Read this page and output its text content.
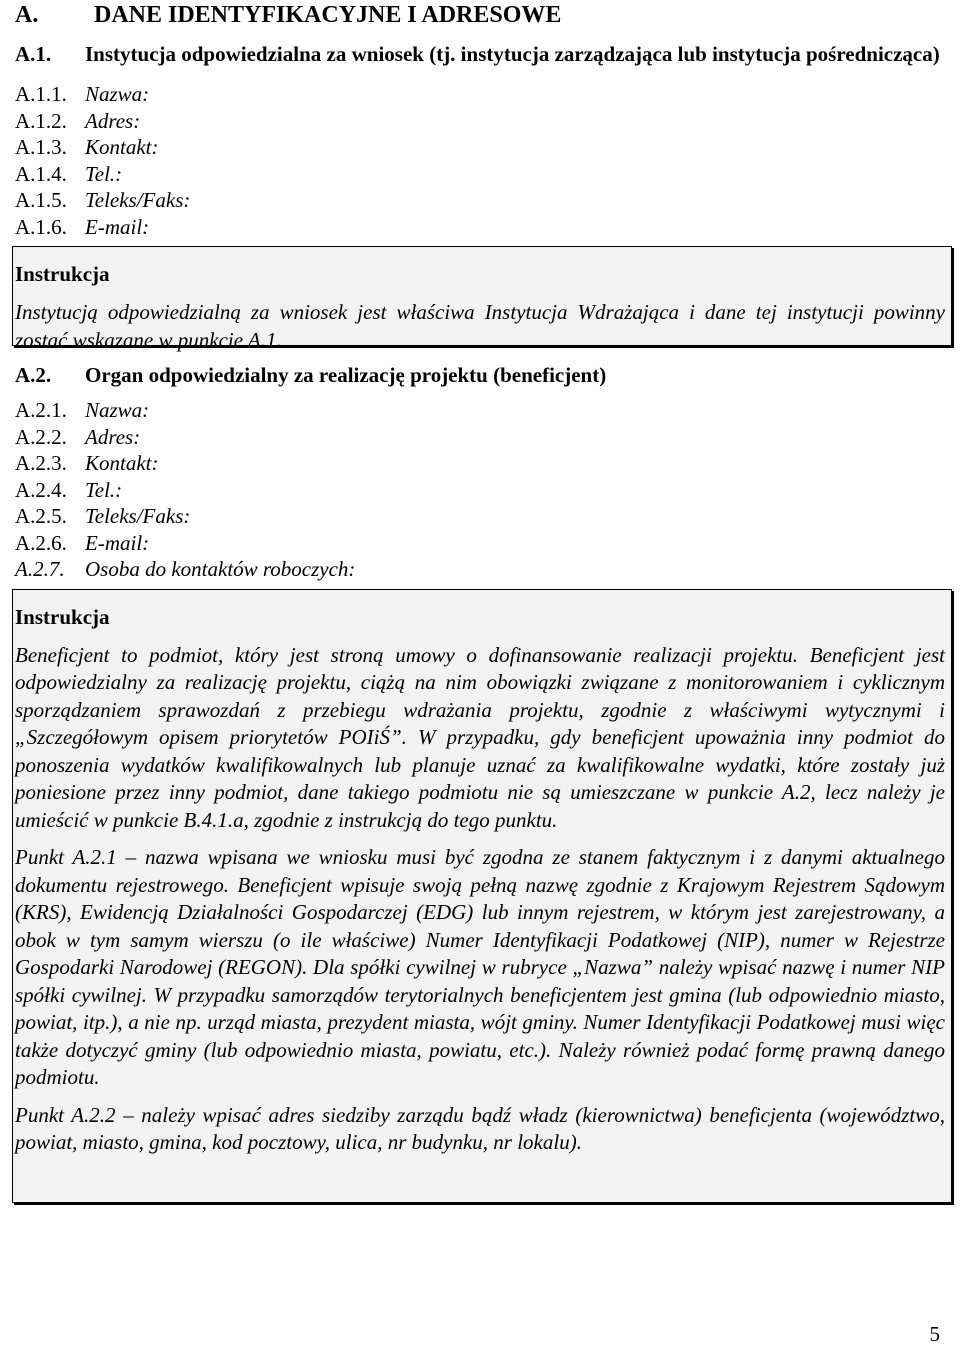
A.	DANE IDENTYFIKACYJNE I ADRESOWE
A.1.	Instytucja odpowiedzialna za wniosek (tj. instytucja zarządzająca lub instytucja pośrednicząca)
A.1.1. Nazwa:
A.1.2. Adres:
A.1.3. Kontakt:
A.1.4. Tel.:
A.1.5. Teleks/Faks:
A.1.6. E-mail:
Instrukcja

Instytucją odpowiedzialną za wniosek jest właściwa Instytucja Wdrażająca i dane tej instytucji powinny zostać wskazane w punkcie A.1.

A.2.	Organ odpowiedzialny za realizację projektu (beneficjent)
A.2.1. Nazwa:
A.2.2. Adres:
A.2.3. Kontakt:
A.2.4. Tel.:
A.2.5. Teleks/Faks:
A.2.6. E-mail:
A.2.7. Osoba do kontaktów roboczych:
Instrukcja

Beneficjent to podmiot, który jest stroną umowy o dofinansowanie realizacji projektu. Beneficjent jest odpowiedzialny za realizację projektu, ciążą na nim obowiązki związane z monitorowaniem i cyklicznym sporządzaniem sprawozdań z przebiegu wdrażania projektu, zgodnie z właściwymi wytycznymi i „Szczegółowym opisem priorytetów POIiŚ”. W przypadku, gdy beneficjent upoważnia inny podmiot do ponoszenia wydatków kwalifikowalnych lub planuje uznać za kwalifikowalne wydatki, które zostały już poniesione przez inny podmiot, dane takiego podmiotu nie są umieszczane w punkcie A.2, lecz należy je umieścić w punkcie B.4.1.a, zgodnie z instrukcją do tego punktu.

Punkt A.2.1 – nazwa wpisana we wniosku musi być zgodna ze stanem faktycznym i z danymi aktualnego dokumentu rejestrowego. Beneficjent wpisuje swoją pełną nazwę zgodnie z Krajowym Rejestrem Sądowym (KRS), Ewidencją Działalności Gospodarczej (EDG) lub innym rejestrem, w którym jest zarejestrowany, a obok w tym samym wierszu (o ile właściwe) Numer Identyfikacji Podatkowej (NIP), numer w Rejestrze Gospodarki Narodowej (REGON). Dla spółki cywilnej w rubryce „Nazwa” należy wpisać nazwę i numer NIP spółki cywilnej. W przypadku samorządów terytorialnych beneficjentem jest gmina (lub odpowiednio miasto, powiat, itp.), a nie np. urząd miasta, prezydent miasta, wójt gminy. Numer Identyfikacji Podatkowej musi więc także dotyczyć gminy (lub odpowiednio miasta, powiatu, etc.). Należy również podać formę prawną danego podmiotu.

Punkt A.2.2 – należy wpisać adres siedziby zarządu bądź władz (kierownictwa) beneficjenta (województwo, powiat, miasto, gmina, kod pocztowy, ulica, nr budynku, nr lokalu).

5
